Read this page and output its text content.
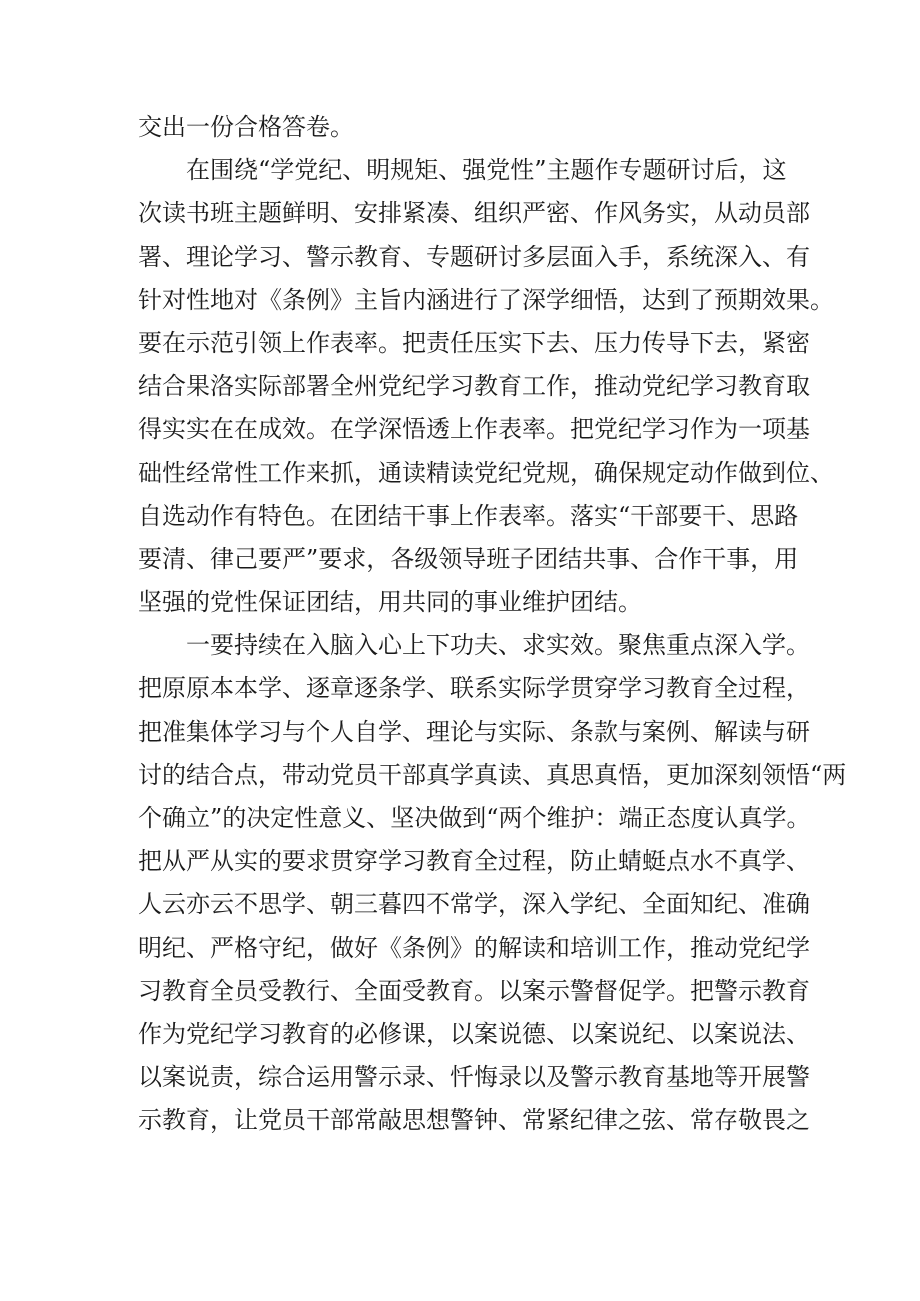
交出一份合格答卷。
在围绕“学党纪、明规矩、强党性”主题作专题研讨后，这
次读书班主题鲜明、安排紧凑、组织严密、作风务实，从动员部
署、理论学习、警示教育、专题研讨多层面入手，系统深入、有
针对性地对《条例》主旨内涵进行了深学细悟，达到了预期效果。
要在示范引领上作表率。把责任压实下去、压力传导下去，紧密
结合果洛实际部署全州党纪学习教育工作，推动党纪学习教育取
得实实在在成效。在学深悟透上作表率。把党纪学习作为一项基
础性经常性工作来抓，通读精读党纪党规，确保规定动作做到位、
自选动作有特色。在团结干事上作表率。落实“干部要干、思路
要清、律己要严”要求，各级领导班子团结共事、合作干事，用
坚强的党性保证团结，用共同的事业维护团结。
一要持续在入脑入心上下功夫、求实效。聚焦重点深入学。
把原原本本学、逐章逐条学、联系实际学贯穿学习教育全过程，
把准集体学习与个人自学、理论与实际、条款与案例、解读与研
讨的结合点，带动党员干部真学真读、真思真悟，更加深刻领悟“两
个确立”的决定性意义、坚决做到“两个维护：端正态度认真学。
把从严从实的要求贯穿学习教育全过程，防止蜻蜓点水不真学、
人云亦云不思学、朝三暮四不常学，深入学纪、全面知纪、准确
明纪、严格守纪，做好《条例》的解读和培训工作，推动党纪学
习教育全员受教行、全面受教育。以案示警督促学。把警示教育
作为党纪学习教育的必修课，以案说德、以案说纪、以案说法、
以案说责，综合运用警示录、忏悔录以及警示教育基地等开展警
示教育，让党员干部常敲思想警钟、常紧纪律之弦、常存敬畏之
